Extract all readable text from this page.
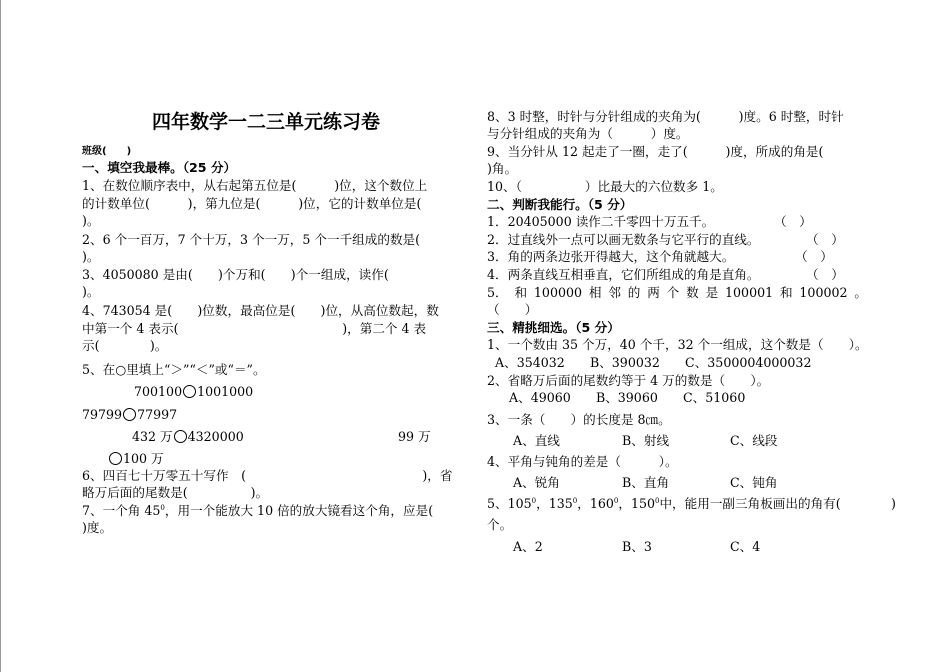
四年数学一二三单元练习卷
班级(　　)
一、填空我最棒。（25 分）
1、在数位顺序表中，从右起第五位是(　　　)位，这个数位上
的计数单位(　　　)，第九位是(　　　)位，它的计数单位是(
)。
2、6 个一百万，7 个十万，3 个一万，5 个一千组成的数是(
)。
3、4050080 是由(　　)个万和(　　)个一组成，读作(
)。
4、743054 是(　　)位数，最高位是(　　)位，从高位数起，数
中第一个 4 表示(　　　　　　　　　　　　　)，第二个 4 表
示(　　　　)。
5、在○里填上“＞”“＜”或“＝”。
700100 1001000
79799 77997
432 万 4320000	99 万
100 万
6、四百七十万零五十写作　(　　　　　　　　　　　　　　)，省
略万后面的尾数是(　　　　　)。
7、一个角 $45^0$，用一个能放大 10 倍的放大镜看这个角，应是(
)度。
8、3 时整，时针与分针组成的夹角为(　　　)度。6 时整，时针
与分针组成的夹角为（　　　）度。
9、当分针从 12 起走了一圈，走了(　　　)度，所成的角是(
)角。
10、（　　　　　）比最大的六位数多 1。
二、判断我能行。（5 分）
1．20405000 读作二千零四十万五千。	（　）
2．过直线外一点可以画无数条与它平行的直线。	（　）
3．角的两条边张开得越大，这个角就越大。	（　）
4．两条直线互相垂直，它们所组成的角是直角。	（　）
5． 和 100000 相 邻 的 两 个 数 是 100001 和 100002 。
（　　）
三、精挑细选。（5 分）
1、一个数由 35 个万，40 个千，32 个一组成，这个数是（　　）。
A、354032　　B、390032　　C、3500004000032
2、省略万后面的尾数约等于 4 万的数是（　　）。
A、49060　　B、39060　　C、51060
3、一条（　　）的长度是 8㎝。
A、直线	B、射线	C、线段
4、平角与钝角的差是（　　　）。
A、锐角	B、直角	C、钝角
5、$105^0$，$135^0$，$160^0$，$150^0$中，能用一副三角板画出的角有(　　　　)
个。
A、2	B、3	C、4
